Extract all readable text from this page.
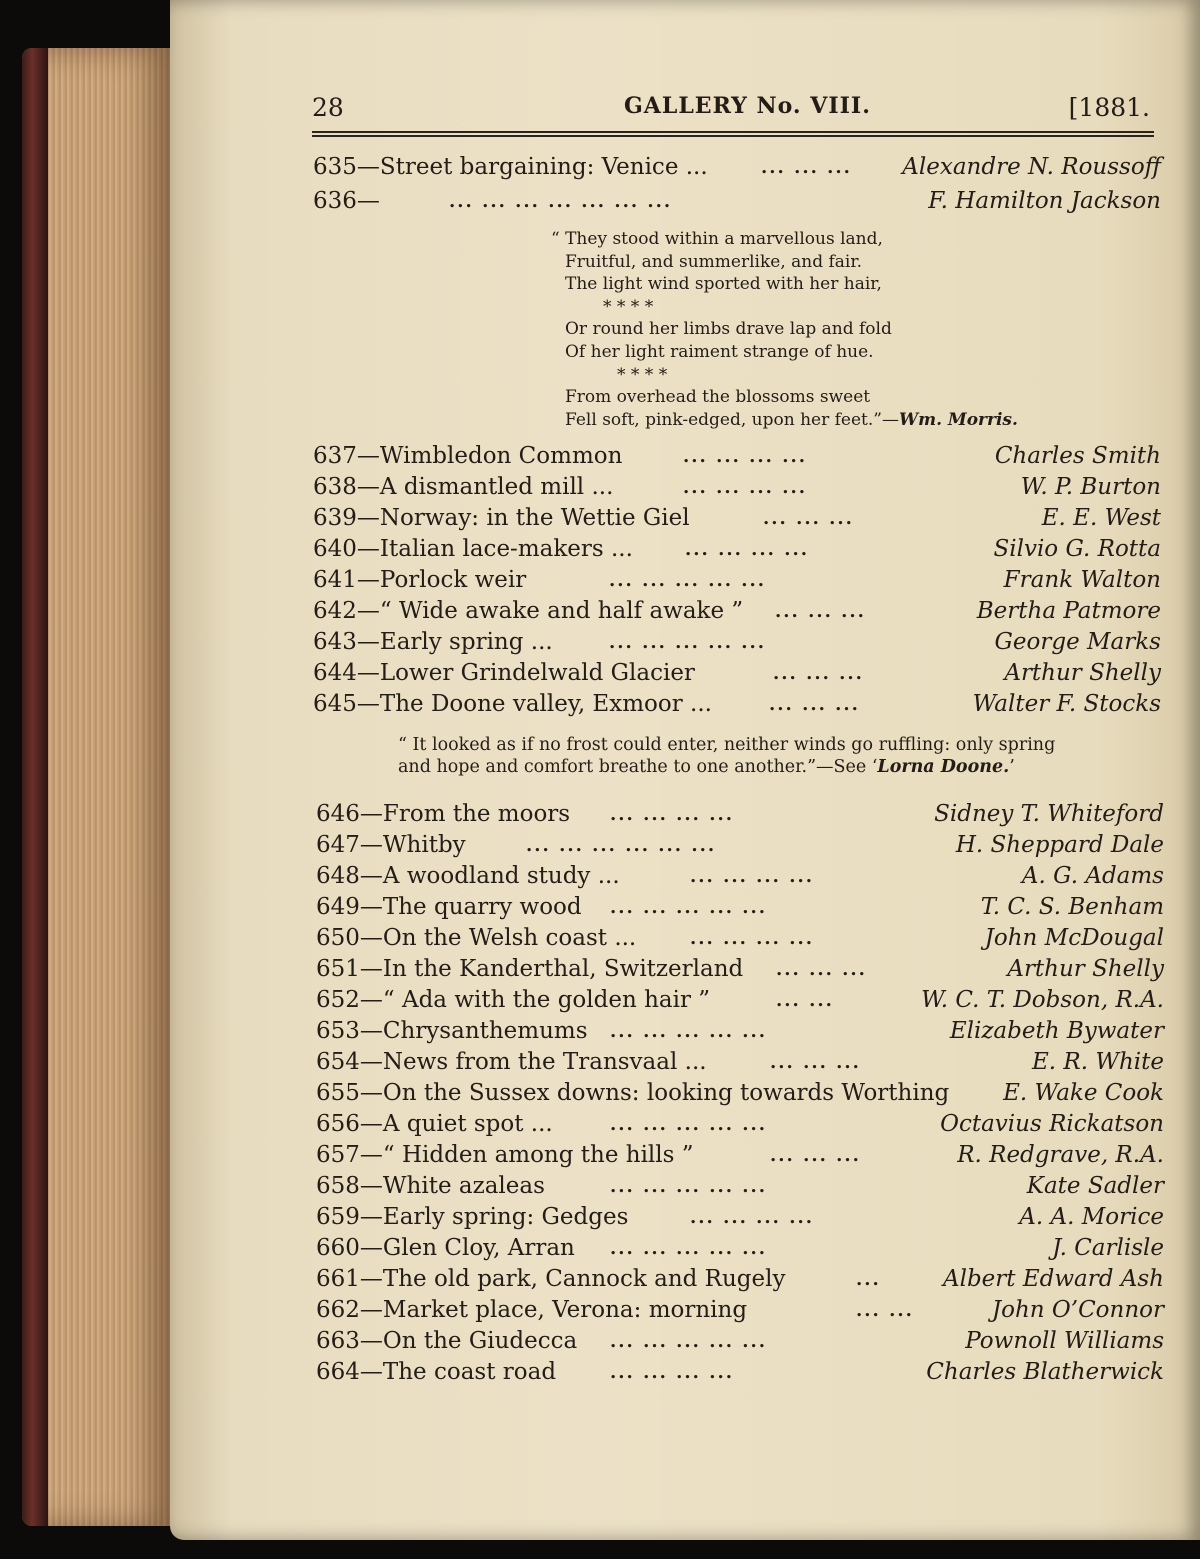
28	GALLERY No. VIII.	[1881.
635—Street bargaining: Venice ...	... ... ... Alexandre N. Roussoff
636—	... ... ... ... ... ... ...	F. Hamilton Jackson
“ They stood within a marvellous land,
Fruitful, and summerlike, and fair.
The light wind sported with her hair,
* * * *
Or round her limbs drave lap and fold
Of her light raiment strange of hue.
* * * *
From overhead the blossoms sweet
Fell soft, pink-edged, upon her feet.”—Wm. Morris.
637—Wimbledon Common	... ... ... ...	Charles Smith
638—A dismantled mill ...	... ... ... ...	W. P. Burton
639—Norway: in the Wettie Giel	... ... ...	E. E. West
640—Italian lace-makers ...	... ... ... ...	Silvio G. Rotta
641—Porlock weir	... ... ... ... ...	Frank Walton
642—“ Wide awake and half awake ” ... ... ...	Bertha Patmore
643—Early spring ...	... ... ... ... ...	George Marks
644—Lower Grindelwald Glacier	... ... ...	Arthur Shelly
645—The Doone valley, Exmoor ...	... ... ...	Walter F. Stocks
“ It looked as if no frost could enter, neither winds go ruffling: only spring
and hope and comfort breathe to one another.”—See ‘Lorna Doone.’
646—From the moors ... ... ... ...	Sidney T. Whiteford
647—Whitby	... ... ... ... ... ...	H. Sheppard Dale
648—A woodland study ...	... ... ... ...	A. G. Adams
649—The quarry wood ... ... ... ... ...	T. C. S. Benham
650—On the Welsh coast ...	... ... ... ...	John McDougal
651—In the Kanderthal, Switzerland ... ... ...	Arthur Shelly
652—“ Ada with the golden hair ”	... ...	W. C. T. Dobson, R.A.
653—Chrysanthemums ... ... ... ... ...	Elizabeth Bywater
654—News from the Transvaal ...	... ... ...	E. R. White
655—On the Sussex downs: looking towards Worthing E. Wake Cook
656—A quiet spot ...	... ... ... ... ...	Octavius Rickatson
657—“ Hidden among the hills ”	... ... ...	R. Redgrave, R.A.
658—White azaleas	... ... ... ... ...	Kate Sadler
659—Early spring: Gedges	... ... ... ...	A. A. Morice
660—Glen Cloy, Arran ... ... ... ... ...	J. Carlisle
661—The old park, Cannock and Rugely	...	Albert Edward Ash
662—Market place, Verona: morning	... ...	John O’Connor
663—On the Giudecca ... ... ... ... ...	Pownoll Williams
664—The coast road	... ... ... ...	Charles Blatherwick
